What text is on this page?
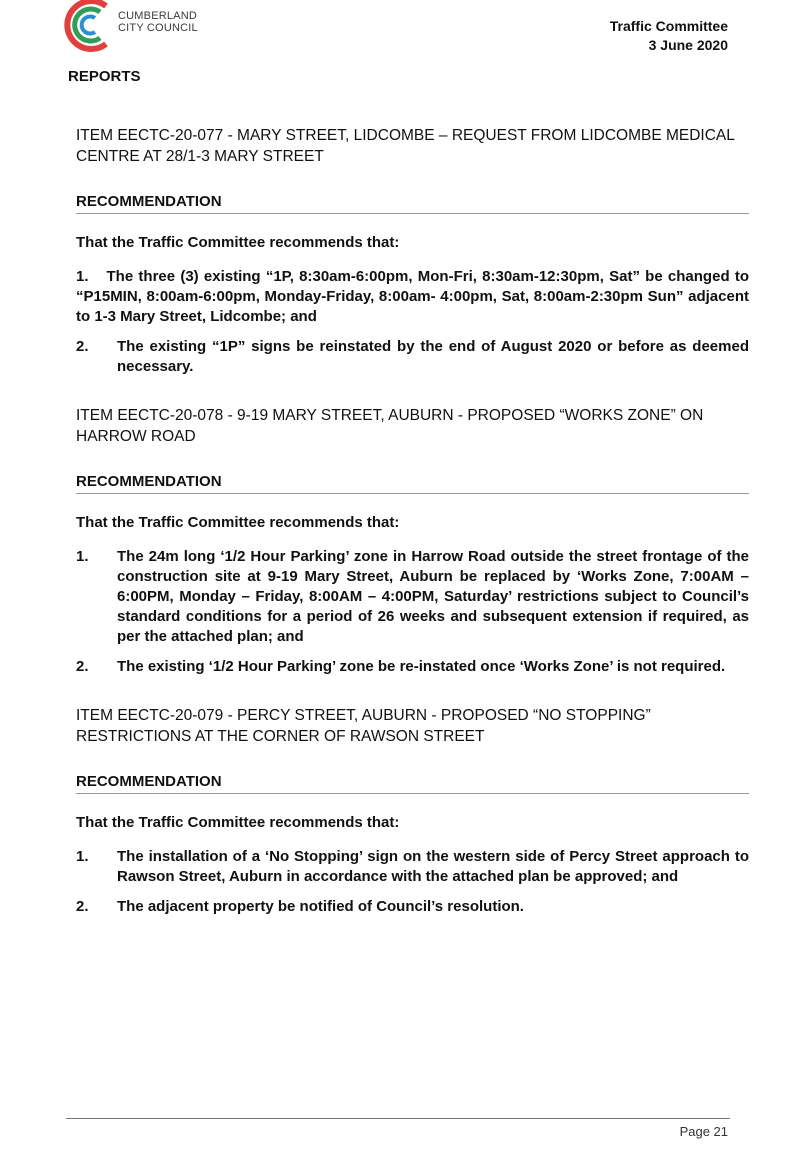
CUMBERLAND
CITY COUNCIL	Traffic Committee
3 June 2020
REPORTS

ITEM EECTC-20-077 - MARY STREET, LIDCOMBE – REQUEST FROM LIDCOMBE MEDICAL CENTRE AT 28/1-3 MARY STREET

RECOMMENDATION
That the Traffic Committee recommends that:
1. The three (3) existing “1P, 8:30am-6:00pm, Mon-Fri, 8:30am-12:30pm, Sat” be changed to “P15MIN, 8:00am-6:00pm, Monday-Friday, 8:00am- 4:00pm, Sat, 8:00am-2:30pm Sun” adjacent to 1-3 Mary Street, Lidcombe; and
2.	The existing “1P” signs be reinstated by the end of August 2020 or before as deemed necessary.

ITEM EECTC-20-078 - 9-19 MARY STREET, AUBURN - PROPOSED “WORKS ZONE” ON HARROW ROAD

RECOMMENDATION
That the Traffic Committee recommends that:
1.	The 24m long ‘1/2 Hour Parking’ zone in Harrow Road outside the street frontage of the construction site at 9-19 Mary Street, Auburn be replaced by ‘Works Zone, 7:00AM – 6:00PM, Monday – Friday, 8:00AM – 4:00PM, Saturday’ restrictions subject to Council’s standard conditions for a period of 26 weeks and subsequent extension if required, as per the attached plan; and
2.	The existing ‘1/2 Hour Parking’ zone be re-instated once ‘Works Zone’ is not required.

ITEM EECTC-20-079 - PERCY STREET, AUBURN - PROPOSED “NO STOPPING” RESTRICTIONS AT THE CORNER OF RAWSON STREET

RECOMMENDATION
That the Traffic Committee recommends that:
1.	The installation of a ‘No Stopping’ sign on the western side of Percy Street approach to Rawson Street, Auburn in accordance with the attached plan be approved; and
2.	The adjacent property be notified of Council’s resolution.
Page 21
